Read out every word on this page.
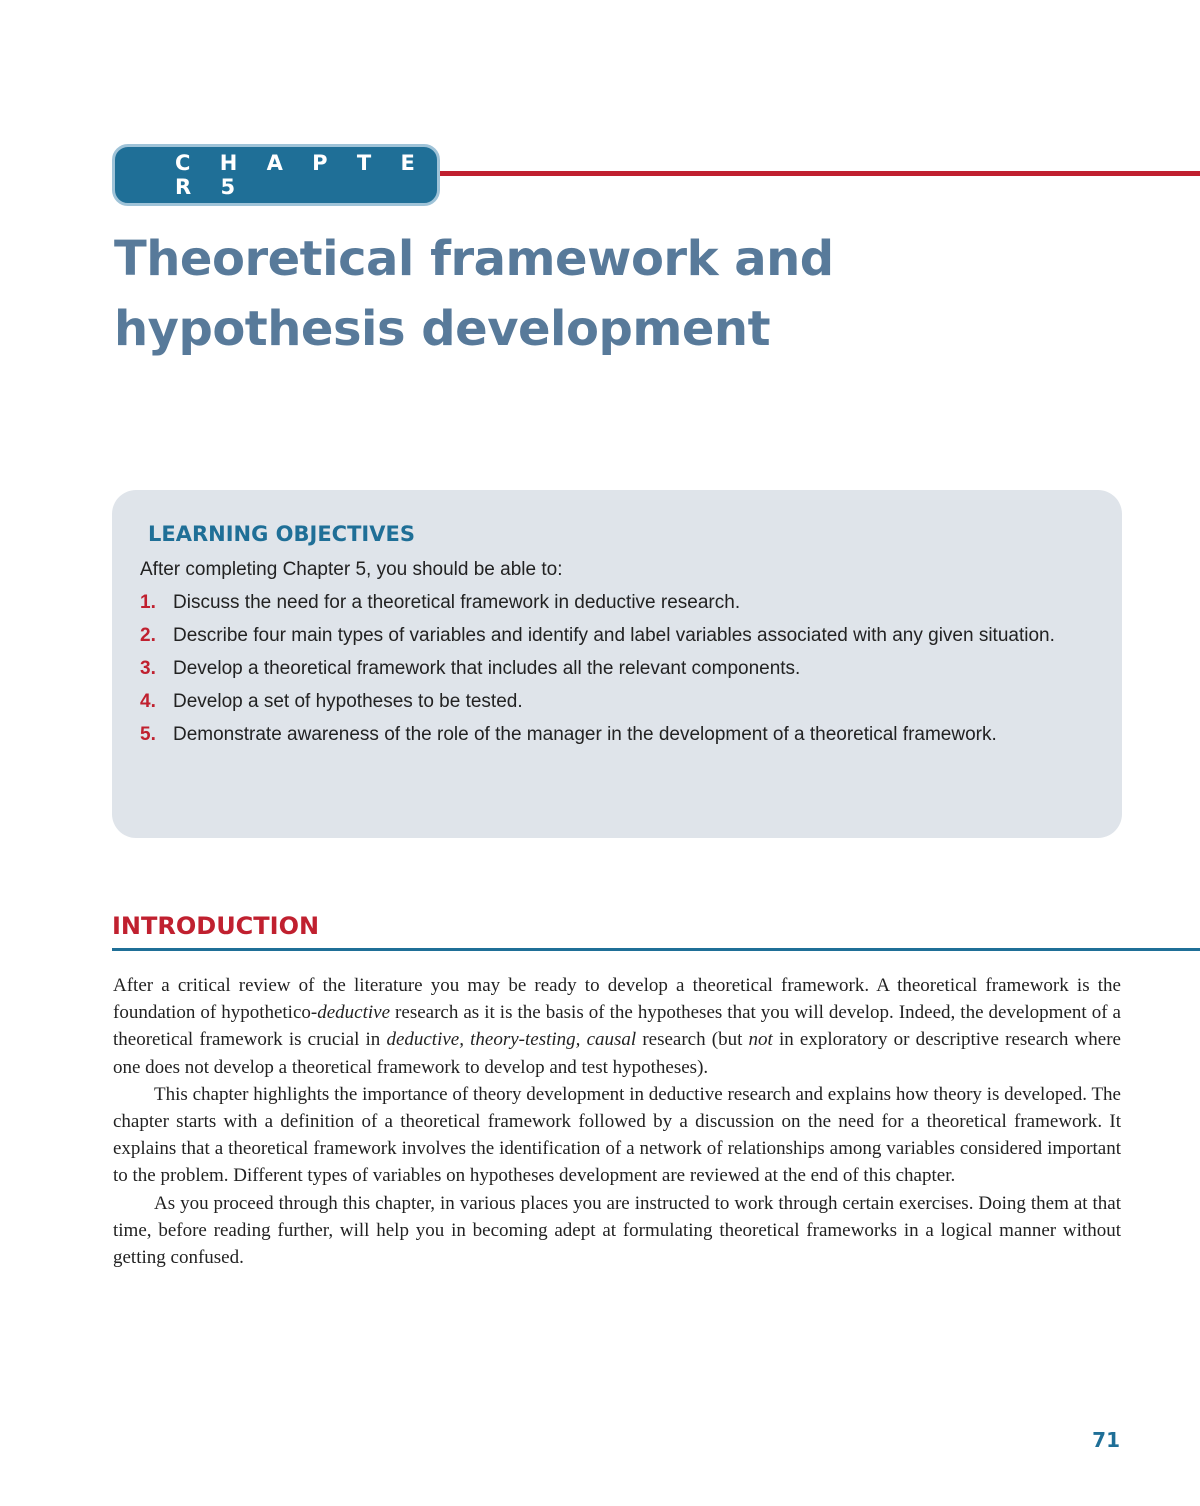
C H A P T E R 5
Theoretical framework and hypothesis development
LEARNING OBJECTIVES

After completing Chapter 5, you should be able to:

1. Discuss the need for a theoretical framework in deductive research.
2. Describe four main types of variables and identify and label variables associated with any given situation.
3. Develop a theoretical framework that includes all the relevant components.
4. Develop a set of hypotheses to be tested.
5. Demonstrate awareness of the role of the manager in the development of a theoretical framework.
INTRODUCTION

After a critical review of the literature you may be ready to develop a theoretical framework. A theoretical framework is the foundation of hypothetico-deductive research as it is the basis of the hypotheses that you will develop. Indeed, the development of a theoretical framework is crucial in deductive, theory-testing, causal research (but not in exploratory or descriptive research where one does not develop a theoretical framework to develop and test hypotheses).

This chapter highlights the importance of theory development in deductive research and explains how theory is developed. The chapter starts with a definition of a theoretical framework followed by a discussion on the need for a theoretical framework. It explains that a theoretical framework involves the identification of a network of relationships among variables considered important to the problem. Different types of variables on hypotheses development are reviewed at the end of this chapter.

As you proceed through this chapter, in various places you are instructed to work through certain exercises. Doing them at that time, before reading further, will help you in becoming adept at formulating theoretical frameworks in a logical manner without getting confused.

71
